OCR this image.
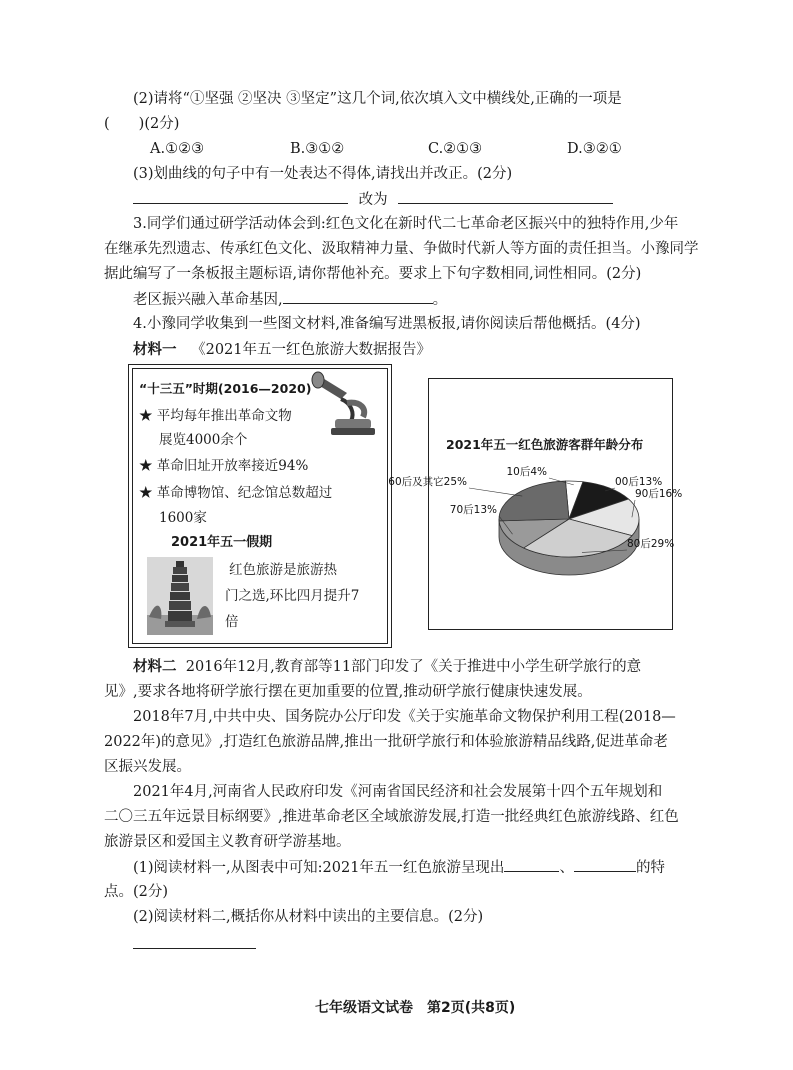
(2)请将“①坚强 ②坚决 ③坚定”这几个词,依次填入文中横线处,正确的一项是
(　　)(2分)
A.①②③	B.③①②	C.②①③	D.③②①
(3)划曲线的句子中有一处表达不得体,请找出并改正。(2分)
改为
3.同学们通过研学活动体会到:红色文化在新时代二七革命老区振兴中的独特作用,少年
在继承先烈遗志、传承红色文化、汲取精神力量、争做时代新人等方面的责任担当。小豫同学
据此编写了一条板报主题标语,请你帮他补充。要求上下句字数相同,词性相同。(2分)
老区振兴融入革命基因,	。
4.小豫同学收集到一些图文材料,准备编写进黑板报,请你阅读后帮他概括。(4分)
材料一 《2021年五一红色旅游大数据报告》
“十三五”时期(2016—2020)
★ 平均每年推出革命文物
展览4000余个
★ 革命旧址开放率接近94%
★ 革命博物馆、纪念馆总数超过
1600家
2021年五一假期
红色旅游是旅游热
门之选,环比四月提升7
倍
2021年五一红色旅游客群年龄分布
10后4%
00后13%
90后16%
80后29%
70后13%
60后及其它25%
材料二 2016年12月,教育部等11部门印发了《关于推进中小学生研学旅行的意
见》,要求各地将研学旅行摆在更加重要的位置,推动研学旅行健康快速发展。
2018年7月,中共中央、国务院办公厅印发《关于实施革命文物保护利用工程(2018—
2022年)的意见》,打造红色旅游品牌,推出一批研学旅行和体验旅游精品线路,促进革命老
区振兴发展。
2021年4月,河南省人民政府印发《河南省国民经济和社会发展第十四个五年规划和
二〇三五年远景目标纲要》,推进革命老区全域旅游发展,打造一批经典红色旅游线路、红色
旅游景区和爱国主义教育研学游基地。
(1)阅读材料一,从图表中可知:2021年五一红色旅游呈现出	、	的特
点。(2分)
(2)阅读材料二,概括你从材料中读出的主要信息。(2分)
七年级语文试卷　第2页(共8页)
